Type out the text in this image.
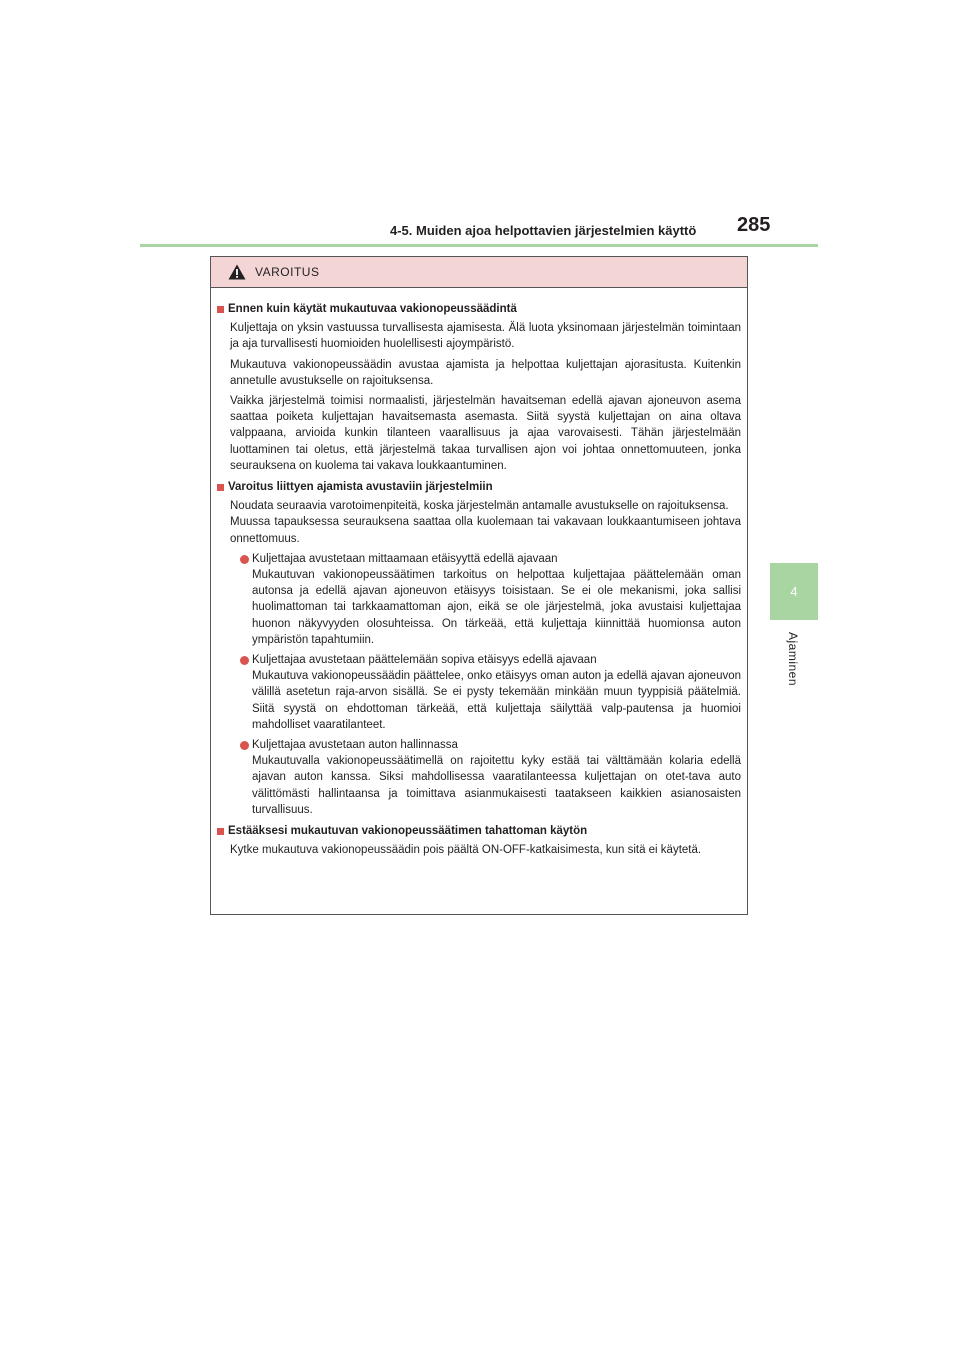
4-5. Muiden ajoa helpottavien järjestelmien käyttö 285
4
Ajaminen
VAROITUS
Ennen kuin käytät mukautuvaa vakionopeussäädintä
Kuljettaja on yksin vastuussa turvallisesta ajamisesta. Älä luota yksinomaan järjestelmän toimintaan ja aja turvallisesti huomioiden huolellisesti ajoympäristö.
Mukautuva vakionopeussäädin avustaa ajamista ja helpottaa kuljettajan ajorasitusta. Kuitenkin annetulle avustukselle on rajoituksensa.
Vaikka järjestelmä toimisi normaalisti, järjestelmän havaitseman edellä ajavan ajoneuvon asema saattaa poiketa kuljettajan havaitsemasta asemasta. Siitä syystä kuljettajan on aina oltava valppaana, arvioida kunkin tilanteen vaarallisuus ja ajaa varovaisesti. Tähän järjestelmään luottaminen tai oletus, että järjestelmä takaa turvallisen ajon voi johtaa onnettomuuteen, jonka seurauksena on kuolema tai vakava loukkaantuminen.
Varoitus liittyen ajamista avustaviin järjestelmiin
Noudata seuraavia varotoimenpiteitä, koska järjestelmän antamalle avustukselle on rajoituksensa.
Muussa tapauksessa seurauksena saattaa olla kuolemaan tai vakavaan loukkaantumiseen johtava onnettomuus.
Kuljettajaa avustetaan mittaamaan etäisyyttä edellä ajavaan
Mukautuvan vakionopeussäätimen tarkoitus on helpottaa kuljettajaa päättelemään oman autonsa ja edellä ajavan ajoneuvon etäisyys toisistaan. Se ei ole mekanismi, joka sallisi huolimattoman tai tarkkaamattoman ajon, eikä se ole järjestelmä, joka avustaisi kuljettajaa huonon näkyvyyden olosuhteissa. On tärkeää, että kuljettaja kiinnittää huomionsa auton ympäristön tapahtumiin.
Kuljettajaa avustetaan päättelemään sopiva etäisyys edellä ajavaan
Mukautuva vakionopeussäädin päättelee, onko etäisyys oman auton ja edellä ajavan ajoneuvon välillä asetetun raja-arvon sisällä. Se ei pysty tekemään minkään muun tyyppisiä päätelmiä. Siitä syystä on ehdottoman tärkeää, että kuljettaja säilyttää valp-pautensa ja huomioi mahdolliset vaaratilanteet.
Kuljettajaa avustetaan auton hallinnassa
Mukautuvalla vakionopeussäätimellä on rajoitettu kyky estää tai välttämään kolaria edellä ajavan auton kanssa. Siksi mahdollisessa vaaratilanteessa kuljettajan on otet-tava auto välittömästi hallintaansa ja toimittava asianmukaisesti taatakseen kaikkien asianosaisten turvallisuus.
Estääksesi mukautuvan vakionopeussäätimen tahattoman käytön
Kytke mukautuva vakionopeussäädin pois päältä ON-OFF-katkaisimesta, kun sitä ei käytetä.
